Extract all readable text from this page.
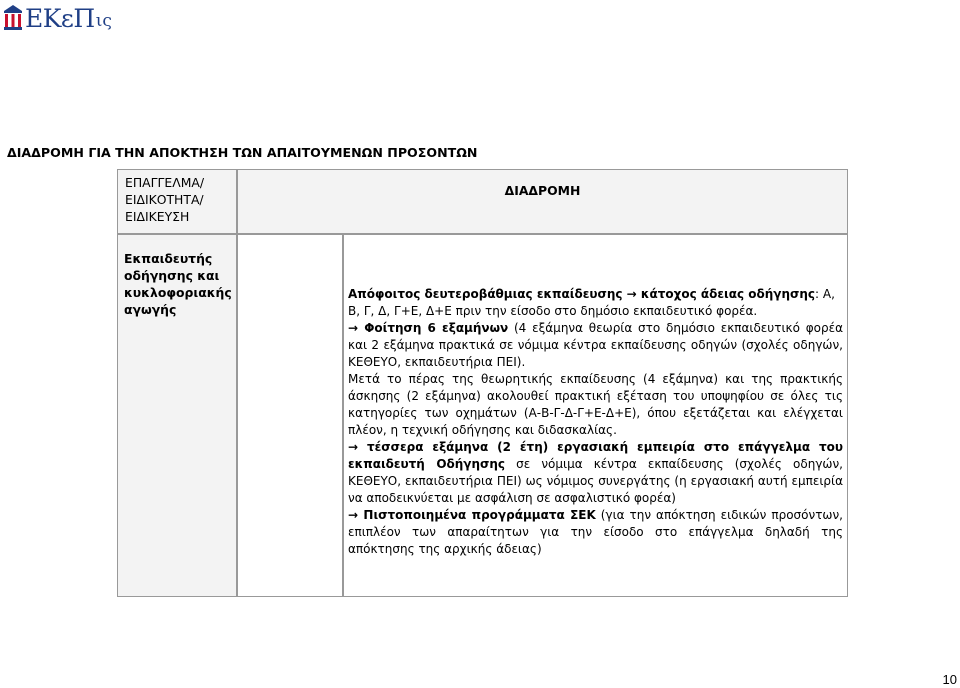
ΕΚεΠ ις
ΔΙΑΔΡΟΜΗ ΓΙΑ ΤΗΝ ΑΠΟΚΤΗΣΗ ΤΩΝ ΑΠΑΙΤΟΥΜΕΝΩΝ ΠΡΟΣΟΝΤΩΝ
ΕΠΑΓΓΕΛΜΑ/
ΕΙΔΙΚΟΤΗΤΑ/
ΕΙΔΙΚΕΥΣΗ
ΔΙΑΔΡΟΜΗ
Εκπαιδευτής
οδήγησης και
κυκλοφοριακής
αγωγής

Απόφοιτος δευτεροβάθμιας εκπαίδευσης → κάτοχος άδειας οδήγησης: Α, Β, Γ, Δ, Γ+Ε, Δ+Ε πριν την είσοδο στο δημόσιο εκπαιδευτικό φορέα.

→ Φοίτηση 6 εξαμήνων (4 εξάμηνα θεωρία στο δημόσιο εκπαιδευτικό φορέα και 2 εξάμηνα πρακτικά σε νόμιμα κέντρα εκπαίδευσης οδηγών (σχολές οδηγών, ΚΕΘΕΥΟ, εκπαιδευτήρια ΠΕΙ).

Μετά το πέρας της θεωρητικής εκπαίδευσης (4 εξάμηνα) και της πρακτικής άσκησης (2 εξάμηνα) ακολουθεί πρακτική εξέταση του υποψηφίου σε όλες τις κατηγορίες των οχημάτων (Α-Β-Γ-Δ-Γ+Ε-Δ+Ε), όπου εξετάζεται και ελέγχεται πλέον, η τεχνική οδήγησης και διδασκαλίας.

→ τέσσερα εξάμηνα (2 έτη) εργασιακή εμπειρία στο επάγγελμα του εκπαιδευτή Οδήγησης σε νόμιμα κέντρα εκπαίδευσης (σχολές οδηγών, ΚΕΘΕΥΟ, εκπαιδευτήρια ΠΕΙ) ως νόμιμος συνεργάτης (η εργασιακή αυτή εμπειρία να αποδεικνύεται με ασφάλιση σε ασφαλιστικό φορέα)

→ Πιστοποιημένα προγράμματα ΣΕΚ (για την απόκτηση ειδικών προσόντων, επιπλέον των απαραίτητων για την είσοδο στο επάγγελμα δηλαδή της απόκτησης της αρχικής άδειας)

10
